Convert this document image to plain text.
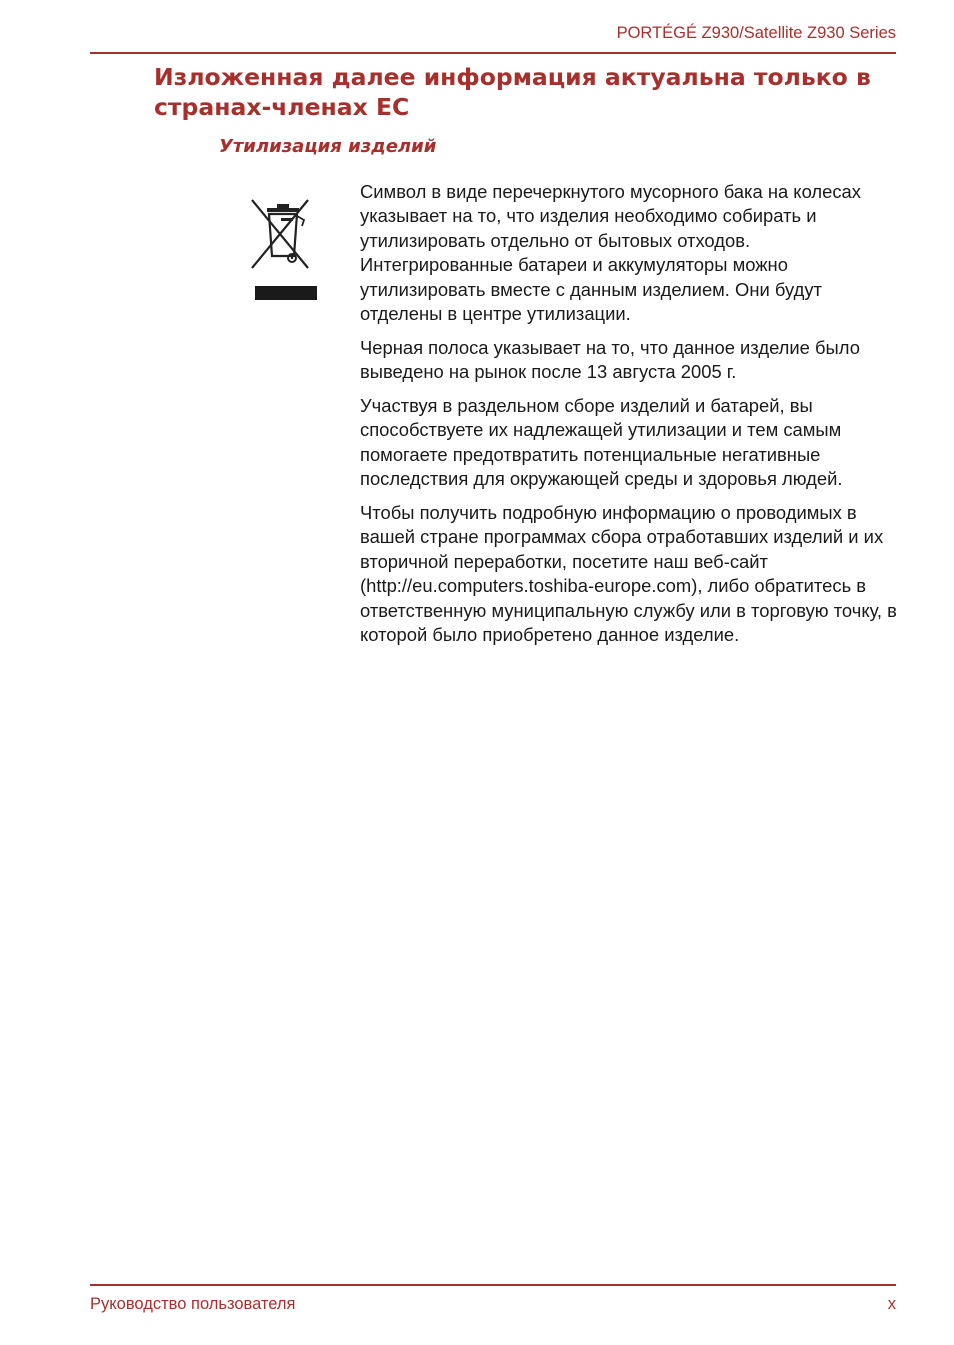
PORTÉGÉ Z930/Satellite Z930 Series
Изложенная далее информация актуальна только в странах-членах ЕС
Утилизация изделий

Символ в виде перечеркнутого мусорного бака на колесах указывает на то, что изделия необходимо собирать и утилизировать отдельно от бытовых отходов. Интегрированные батареи и аккумуляторы можно утилизировать вместе с данным изделием. Они будут отделены в центре утилизации.

Черная полоса указывает на то, что данное изделие было выведено на рынок после 13 августа 2005 г.

Участвуя в раздельном сборе изделий и батарей, вы способствуете их надлежащей утилизации и тем самым помогаете предотвратить потенциальные негативные последствия для окружающей среды и здоровья людей.

Чтобы получить подробную информацию о проводимых в вашей стране программах сбора отработавших изделий и их вторичной переработки, посетите наш веб-сайт (http://eu.computers.toshiba-europe.com), либо обратитесь в ответственную муниципальную службу или в торговую точку, в которой было приобретено данное изделие.

Руководство пользователя	x
